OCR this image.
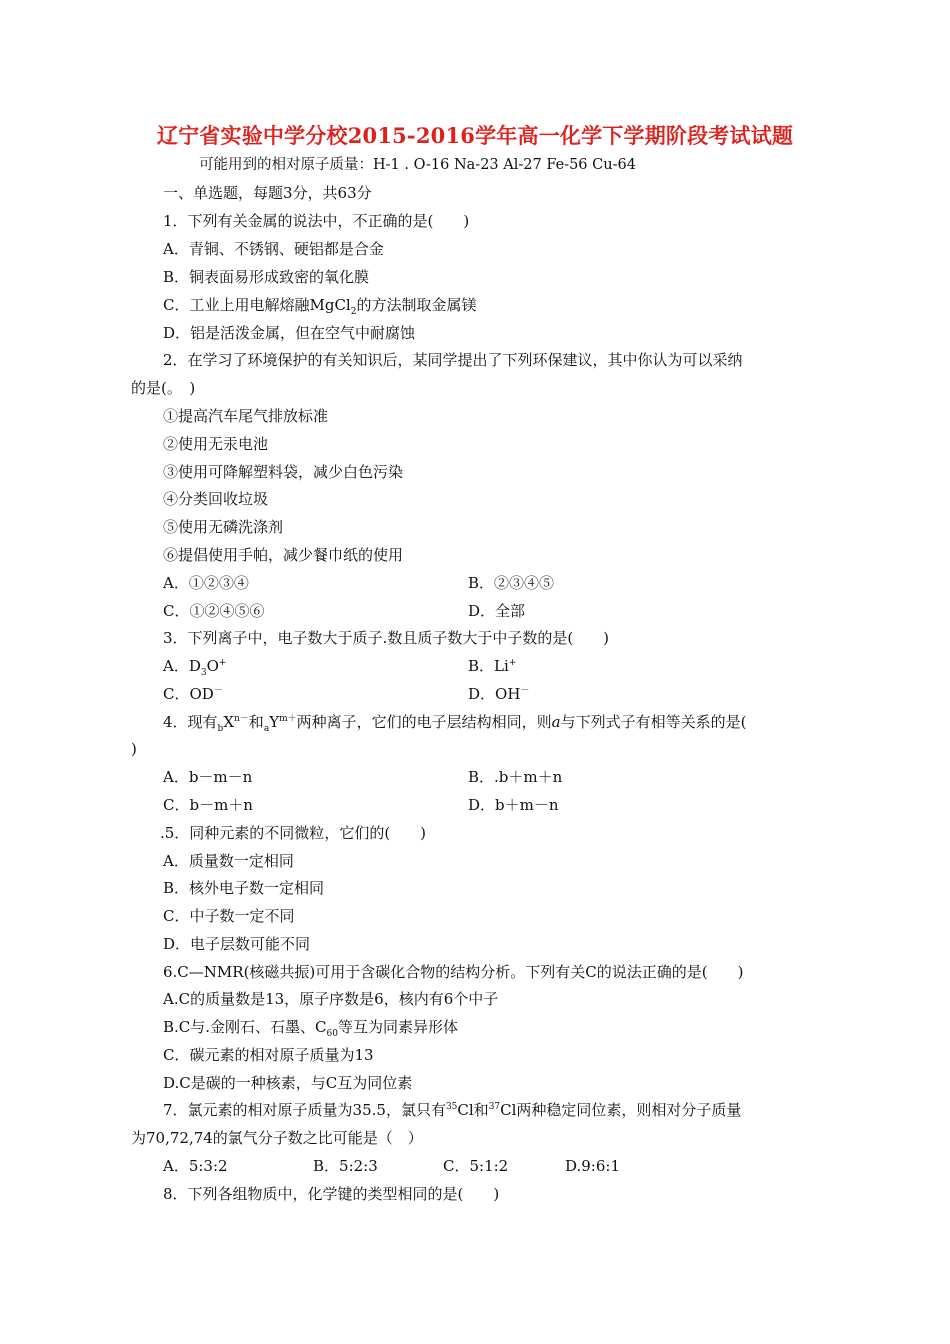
辽宁省实验中学分校2015-2016学年高一化学下学期阶段考试试题
可能用到的相对原子质量：H-1 . O-16 Na-23 Al-27 Fe-56 Cu-64
一、单选题，每题3分，共63分
1．下列有关金属的说法中，不正确的是(　　)
A．青铜、不锈钢、硬铝都是合金
B．铜表面易形成致密的氧化膜
C．工业上用电解熔融MgCl$_2$的方法制取金属镁
D．铝是活泼金属，但在空气中耐腐蚀
2．在学习了环境保护的有关知识后，某同学提出了下列环保建议，其中你认为可以采纳
的是(。　)
①提高汽车尾气排放标准
②使用无汞电池
③使用可降解塑料袋，减少白色污染
④分类回收垃圾
⑤使用无磷洗涤剂
⑥提倡使用手帕，减少餐巾纸的使用
A．①②③④	B．②③④⑤
C．①②④⑤⑥	D．全部
3．下列离子中，电子数大于质子.数且质子数大于中子数的是(　　)
A．$D_3O^+$	B．Li+
C．OD－	D．OH－
4．现有$_bX^{n-}$和$_aY^{m+}$两种离子，它们的电子层结构相同，则a与下列式子有相等关系的是(
)
A．b－m－n	B．.b＋m＋n
C．b－m＋n	D．b＋m－n
.5．同种元素的不同微粒，它们的(　　)
A．质量数一定相同
B．核外电子数一定相同
C．中子数一定不同
D．电子层数可能不同
6.C—NMR(核磁共振)可用于含碳化合物的结构分析。下列有关C的说法正确的是(　　)
A.C的质量数是13，原子序数是6，核内有6个中子
B.C与.金刚石、石墨、$C_{60}$等互为同素异形体
C．碳元素的相对原子质量为13
D.C是碳的一种核素，与C互为同位素
7．氯元素的相对原子质量为35.5，氯只有$^{35}$Cl和$^{37}$Cl两种稳定同位素，则相对分子质量
为70,72,74的氯气分子数之比可能是（　）
A．5:3:2	B．5:2:3	C．5:1:2	D.9:6:1
8．下列各组物质中，化学键的类型相同的是(　　)
